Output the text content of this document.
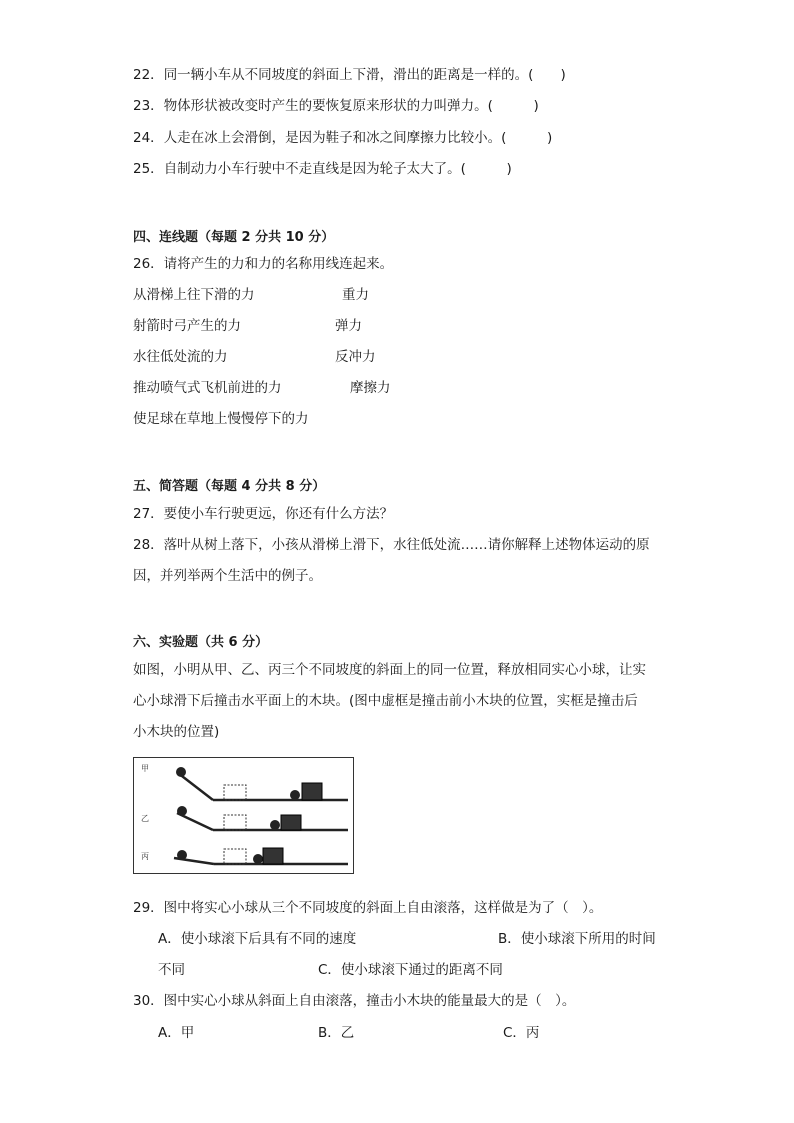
22．同一辆小车从不同坡度的斜面上下滑，滑出的距离是一样的。(　　)
23．物体形状被改变时产生的要恢复原来形状的力叫弹力。(　　　)
24．人走在冰上会滑倒，是因为鞋子和冰之间摩擦力比较小。(　　　)
25．自制动力小车行驶中不走直线是因为轮子太大了。(　　　)
四、连线题（每题 2 分共 10 分）
26．请将产生的力和力的名称用线连起来。
从滑梯上往下滑的力
射箭时弓产生的力
水往低处流的力
推动喷气式飞机前进的力
使足球在草地上慢慢停下的力
重力
弹力
反冲力
摩擦力
五、简答题（每题 4 分共 8 分）
27．要使小车行驶更远，你还有什么方法？
28．落叶从树上落下，小孩从滑梯上滑下，水往低处流……请你解释上述物体运动的原
因，并列举两个生活中的例子。
六、实验题（共 6 分）
如图，小明从甲、乙、丙三个不同坡度的斜面上的同一位置，释放相同实心小球，让实
心小球滑下后撞击水平面上的木块。(图中虚框是撞击前小木块的位置，实框是撞击后
小木块的位置)
甲
乙
丙
29．图中将实心小球从三个不同坡度的斜面上自由滚落，这样做是为了（　）。
A．使小球滚下后具有不同的速度	B．使小球滚下所用的时间
不同	C．使小球滚下通过的距离不同
30．图中实心小球从斜面上自由滚落，撞击小木块的能量最大的是（　）。
A．甲	B．乙	C．丙
